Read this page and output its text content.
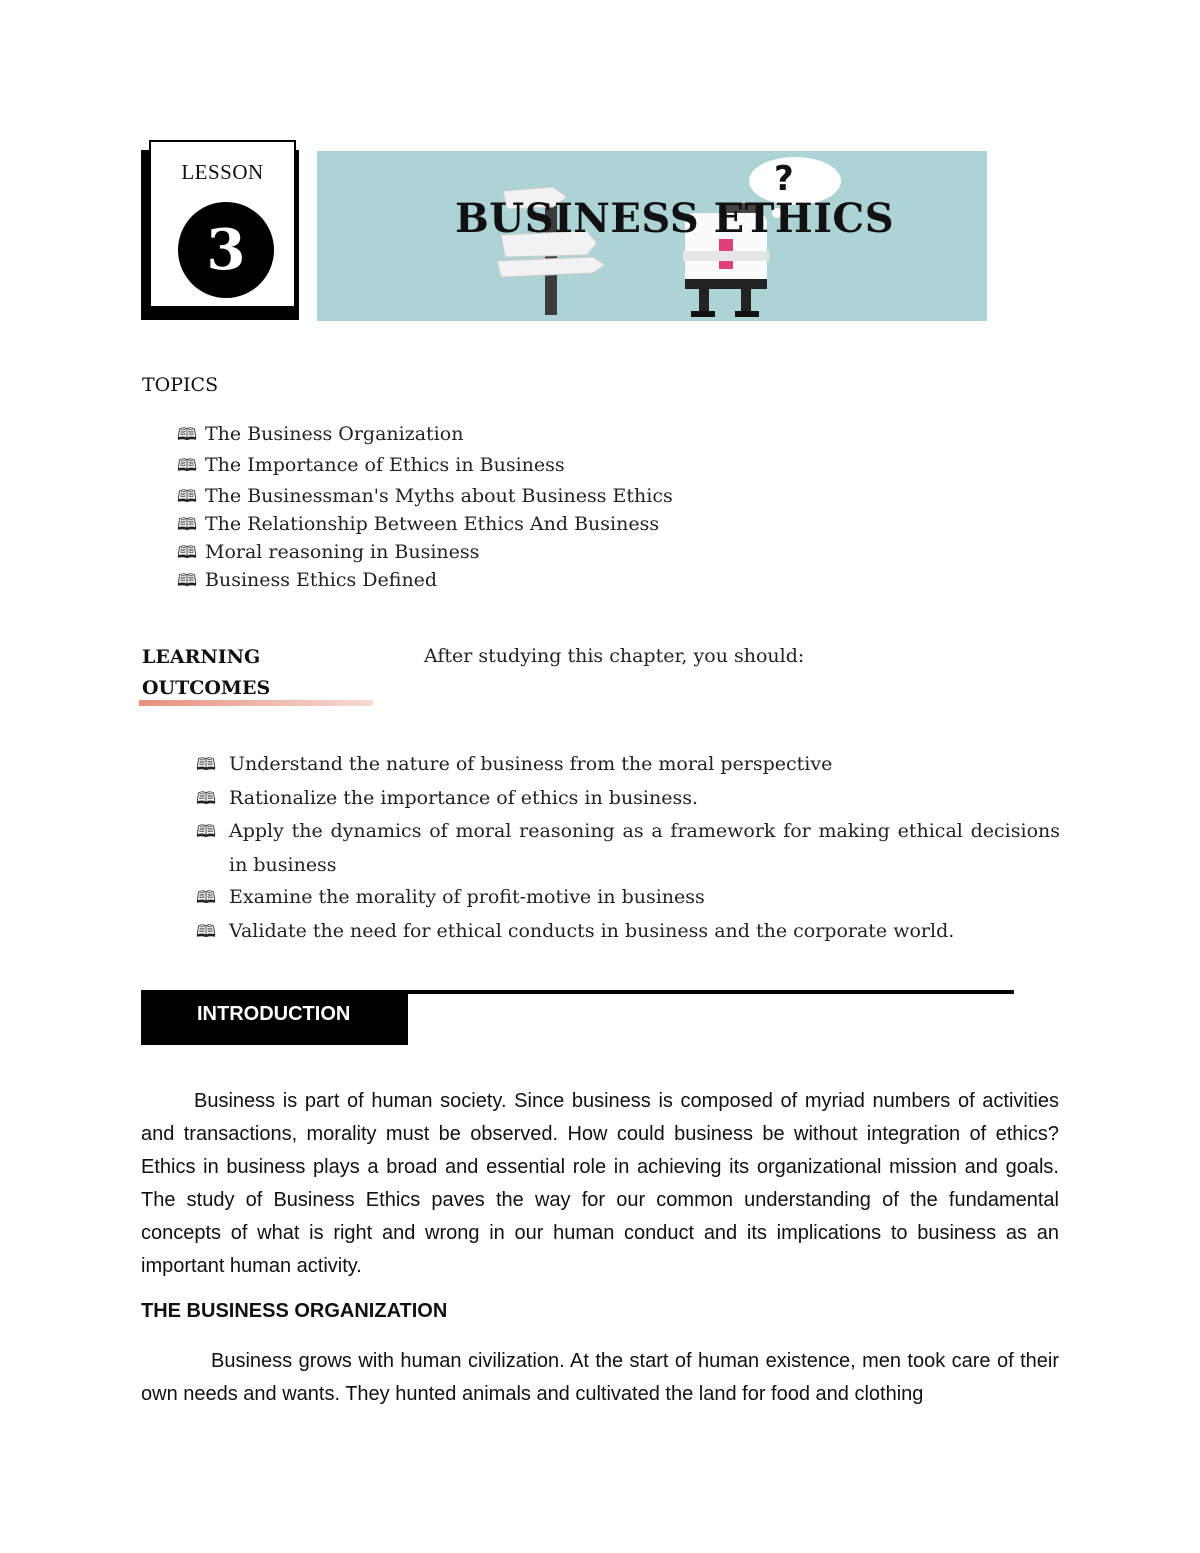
LESSON
3
?
BUSINESS ETHICS
TOPICS
🕮 The Business Organization
🕮 The Importance of Ethics in Business
🕮 The Businessman's Myths about Business Ethics
🕮 The Relationship Between Ethics And Business
🕮 Moral reasoning in Business
🕮 Business Ethics Defined
LEARNING
OUTCOMES
After studying this chapter, you should:
🕮 Understand the nature of business from the moral perspective
🕮 Rationalize the importance of ethics in business.
🕮 Apply the dynamics of moral reasoning as a framework for making ethical decisions in business
🕮 Examine the morality of profit-motive in business
🕮 Validate the need for ethical conducts in business and the corporate world.
INTRODUCTION

Business is part of human society. Since business is composed of myriad numbers of activities and transactions, morality must be observed. How could business be without integration of ethics? Ethics in business plays a broad and essential role in achieving its organizational mission and goals. The study of Business Ethics paves the way for our common understanding of the fundamental concepts of what is right and wrong in our human conduct and its implications to business as an important human activity.

THE BUSINESS ORGANIZATION

Business grows with human civilization. At the start of human existence, men took care of their own needs and wants. They hunted animals and cultivated the land for food and clothing
